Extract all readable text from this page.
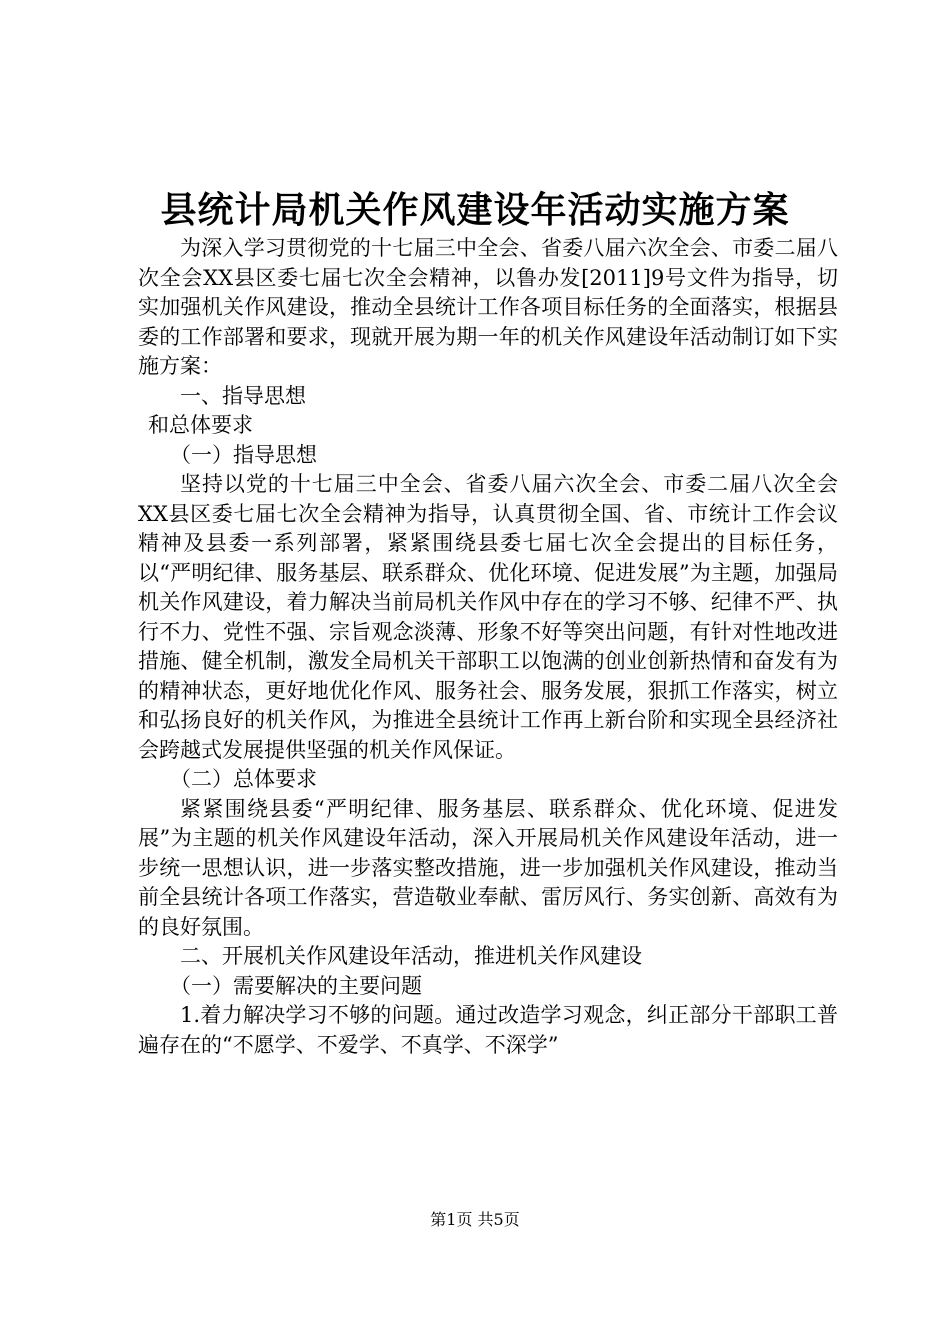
县统计局机关作风建设年活动实施方案

为深入学习贯彻党的十七届三中全会、省委八届六次全会、市委二届八次全会XX县区委七届七次全会精神，以鲁办发[2011]9号文件为指导，切实加强机关作风建设，推动全县统计工作各项目标任务的全面落实，根据县委的工作部署和要求，现就开展为期一年的机关作风建设年活动制订如下实施方案：

一、指导思想

和总体要求

（一）指导思想

坚持以党的十七届三中全会、省委八届六次全会、市委二届八次全会XX县区委七届七次全会精神为指导，认真贯彻全国、省、市统计工作会议精神及县委一系列部署，紧紧围绕县委七届七次全会提出的目标任务，以“严明纪律、服务基层、联系群众、优化环境、促进发展”为主题，加强局机关作风建设，着力解决当前局机关作风中存在的学习不够、纪律不严、执行不力、党性不强、宗旨观念淡薄、形象不好等突出问题，有针对性地改进措施、健全机制，激发全局机关干部职工以饱满的创业创新热情和奋发有为的精神状态，更好地优化作风、服务社会、服务发展，狠抓工作落实，树立和弘扬良好的机关作风，为推进全县统计工作再上新台阶和实现全县经济社会跨越式发展提供坚强的机关作风保证。

（二）总体要求

紧紧围绕县委“严明纪律、服务基层、联系群众、优化环境、促进发展”为主题的机关作风建设年活动，深入开展局机关作风建设年活动，进一步统一思想认识，进一步落实整改措施，进一步加强机关作风建设，推动当前全县统计各项工作落实，营造敬业奉献、雷厉风行、务实创新、高效有为的良好氛围。

二、开展机关作风建设年活动，推进机关作风建设

（一）需要解决的主要问题

1.着力解决学习不够的问题。通过改造学习观念，纠正部分干部职工普遍存在的“不愿学、不爱学、不真学、不深学”

第1页 共5页
